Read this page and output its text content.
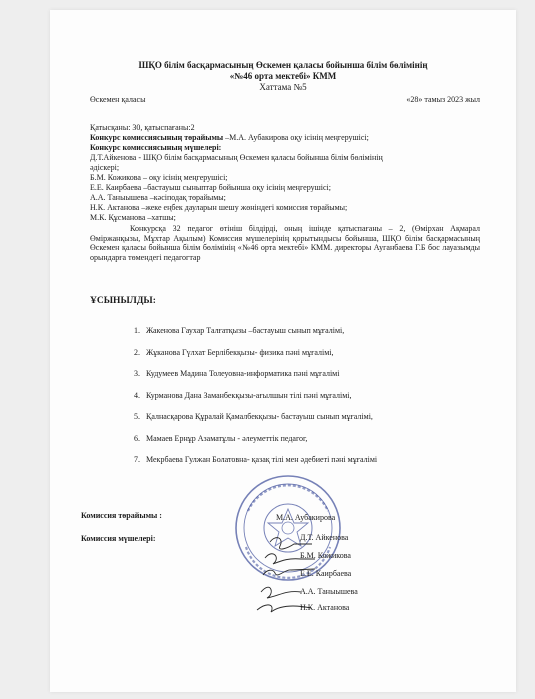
ШҚО білім басқармасының Өскемен қаласы бойынша білім бөлімінің
«№46 орта мектебі» КММ
Хаттама №5
Өскемен қаласы	«28» тамыз 2023 жыл
Қатысқаны: 30, қатыспағаны:2
Конкурс комиссиясының төрайымы –М.А. Аубакирова оқу ісінің меңгерушісі;
Конкурс комиссиясының мүшелері:
Д.Т.Айкенова - ШҚО білім басқармасының Өскемен қаласы бойынша білім бөлімінің
әдіскері;
Б.М. Кожикова – оқу ісінің меңгерушісі;
Е.Е. Каирбаева –бастауыш сыныптар бойынша оқу ісінің меңгерушісі;
А.А. Таныышева –кәсіподақ төрайымы;
Н.К. Актанова –жеке еңбек дауларын шешу жөніндегі комиссия төрайымы;
М.К. Құсманова –хатшы;
Конкурсқа 32 педагог өтініш білдірді, оның ішінде қатыспағаны – 2, (Өмірхан Ақмарал Өміржанқызы, Мұхтар Ақылым) Комиссия мүшелерінің қорытындысы бойынша, ШҚО білім басқармасының Өскемен қаласы бойынша білім бөлімінің «№46 орта мектебі» КММ. директоры Ауганбаева Г.Б бос лауазымды орындарға төмендегі педагогтар
ҰСЫНЫЛДЫ:
1. Жакенова Гаухар Талғатқызы –бастауыш сынып мұғалімі,
2. Жұканова Гүлхат Берлібекқызы- физика пәні мұғалімі,
3. Кудумеев Мадина Толеуовна-информатика пәні мұғалімі
4. Курманова Дана Заманбекқызы-ағылшын тілі пәні мұғалімі,
5. Қалнасқарова Құралай Қамалбекқызы- бастауыш сынып мұғалімі,
6. Мамаев Ернұр Азаматұлы - әлеуметтік педагог,
7. Мекрбаева Гулжан Болатовна- қазақ тілі мен әдебиеті пәні мұғалімі
Комиссия төрайымы :
Комиссия мүшелері:
М.А. Аубакирова
Д.Т. Айкенова
Б.М. Кожикова
Е.Е. Каирбаева
А.А. Таныышева
Н.К. Актанова
